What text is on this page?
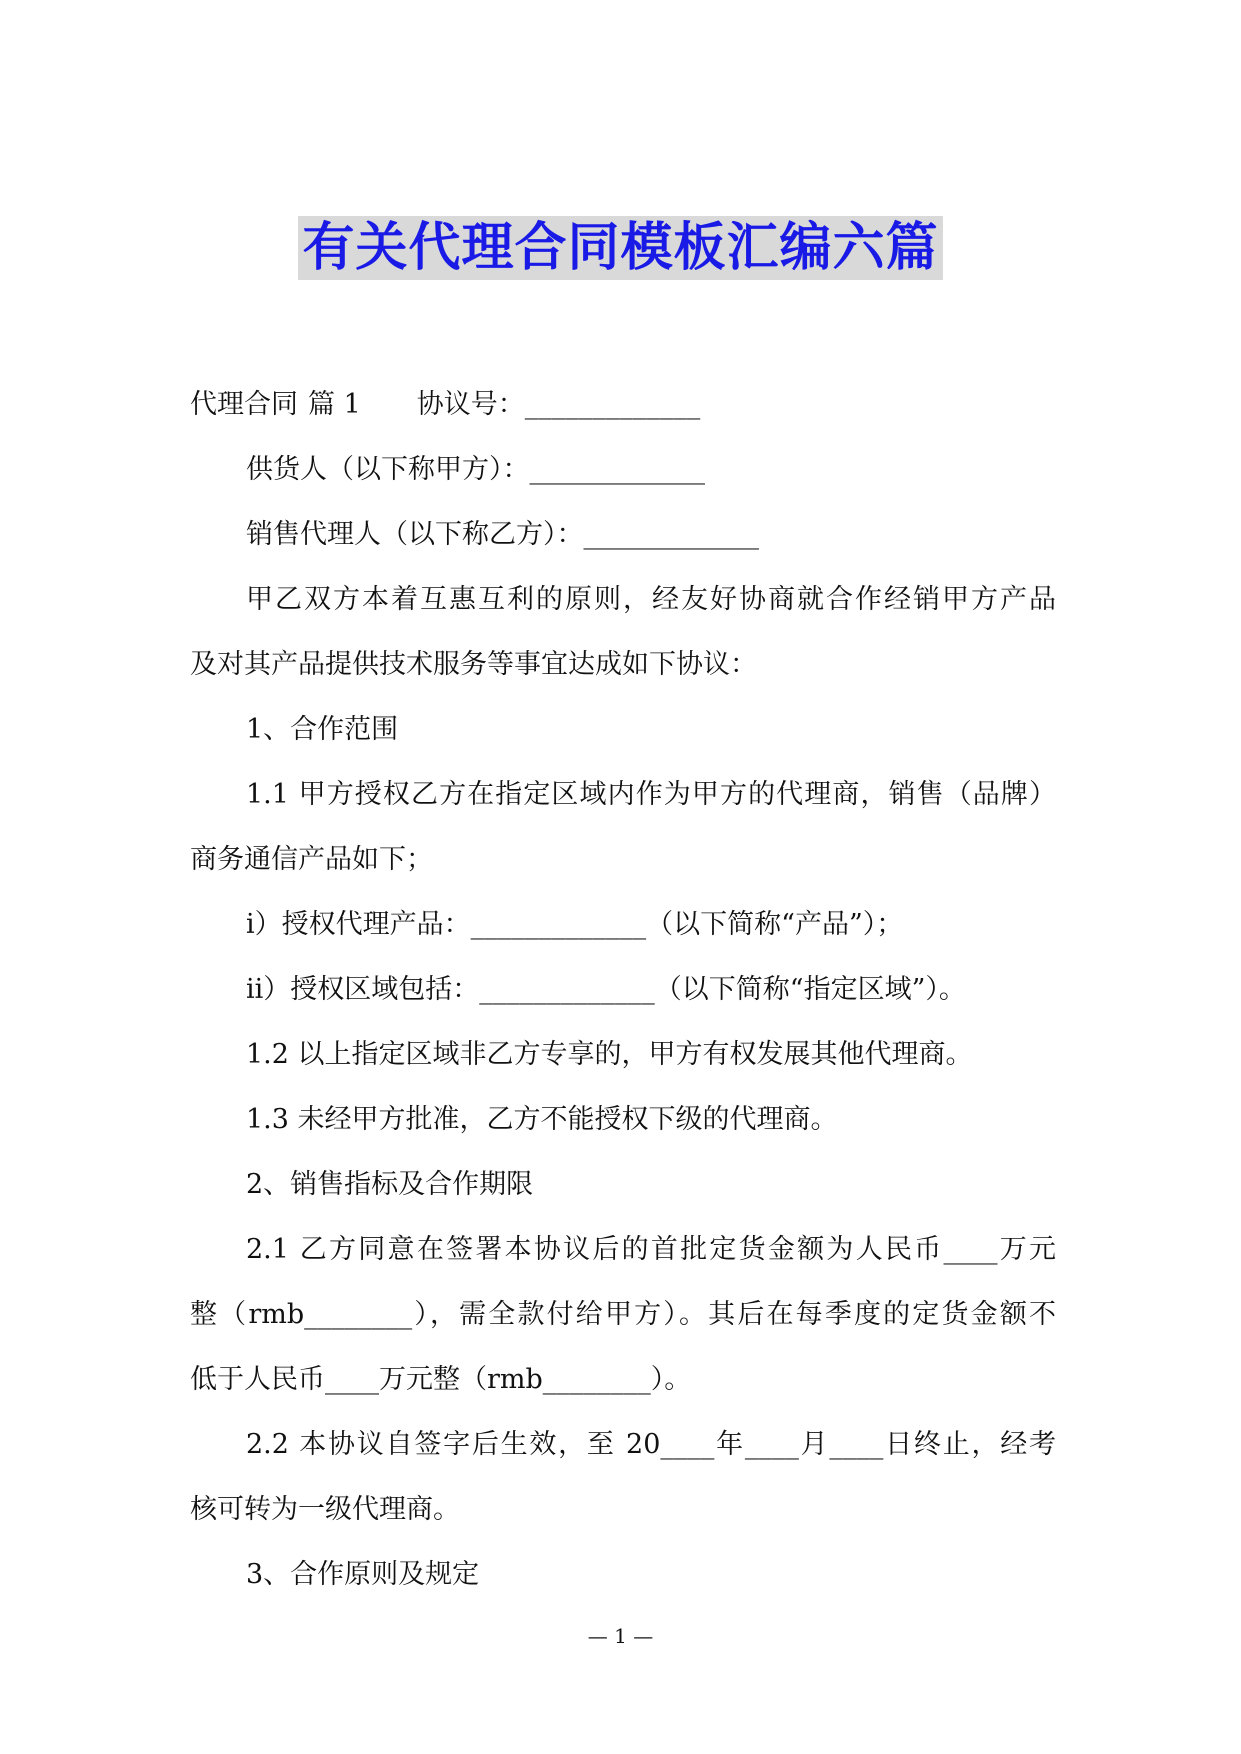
有关代理合同模板汇编六篇
代理合同 篇 1 协议号：_____________
供货人（以下称甲方）：_____________
销售代理人（以下称乙方）：_____________
甲乙双方本着互惠互利的原则，经友好协商就合作经销甲方产品
及对其产品提供技术服务等事宜达成如下协议：
1、合作范围
1.1 甲方授权乙方在指定区域内作为甲方的代理商，销售（品牌）
商务通信产品如下；
i）授权代理产品：_____________（以下简称“产品”）；
ii）授权区域包括：_____________（以下简称“指定区域”）。
1.2 以上指定区域非乙方专享的，甲方有权发展其他代理商。
1.3 未经甲方批准，乙方不能授权下级的代理商。
2、销售指标及合作期限
2.1 乙方同意在签署本协议后的首批定货金额为人民币____万元
整（rmb________），需全款付给甲方）。其后在每季度的定货金额不
低于人民币____万元整（rmb________）。
2.2 本协议自签字后生效，至 20____年____月____日终止，经考
核可转为一级代理商。
3、合作原则及规定
— 1 —
